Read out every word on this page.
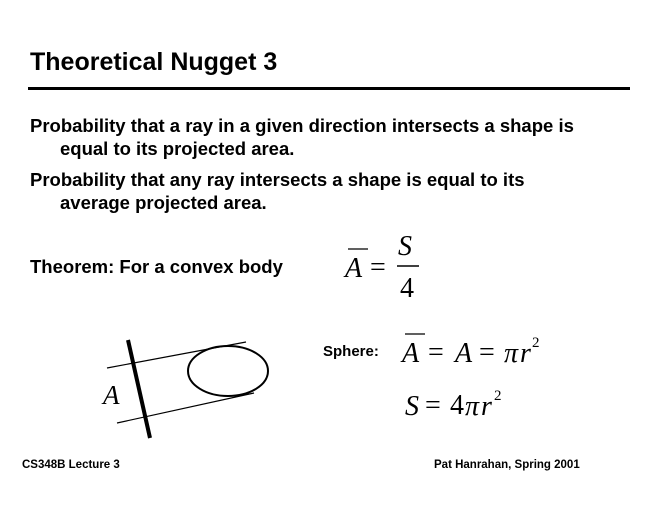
Theoretical Nugget 3
Probability that a ray in a given direction intersects a shape is
equal to its projected area.
Probability that any ray intersects a shape is equal to its
average projected area.
Theorem: For a convex body A =
S
4
A
A = A = π r 2
S = 4 π r 2
Sphere:
CS348B Lecture 3	Pat Hanrahan, Spring 2001
